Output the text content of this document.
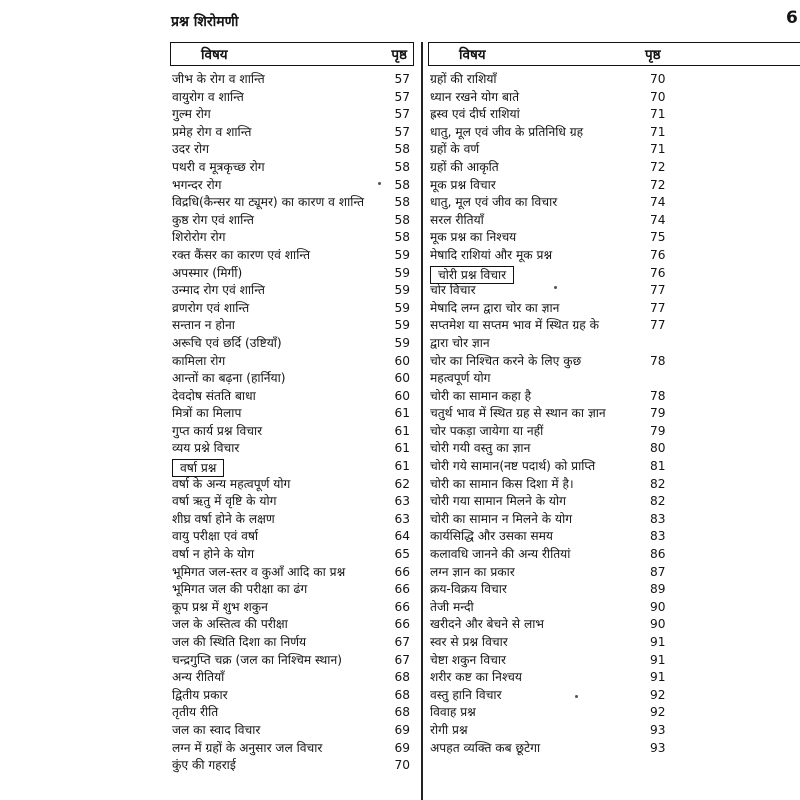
प्रश्न शिरोमणी	6
विषय	पृष्ठ
जीभ के रोग व शान्ति	57
वायुरोग व शान्ति	57
गुल्म रोग	57
प्रमेह रोग व शान्ति	57
उदर रोग	58
पथरी व मूत्रकृच्छ रोग	58
भगन्दर रोग	58
विद्रधि(कैन्सर या ट्यूमर) का कारण व शान्ति 58
कुष्ठ रोग एवं शान्ति	58
शिरोरोग रोग	58
रक्त कैंसर का कारण एवं शान्ति	59
अपस्मार (मिर्गी)	59
उन्माद रोग एवं शान्ति	59
व्रणरोग एवं शान्ति	59
सन्तान न होना	59
अरूचि एवं छर्दि (उष्टियाँ)	59
कामिला रोग	60
आन्तों का बढ़ना (हार्निया)	60
देवदोष संतति बाधा	60
मित्रों का मिलाप	61
गुप्त कार्य प्रश्न विचार	61
व्यय प्रश्ने विचार	61
वर्षा प्रश्न	61
वर्षा के अन्य महत्वपूर्ण योग	62
वर्षा ऋतु में वृष्टि के योग	63
शीघ्र वर्षा होने के लक्षण	63
वायु परीक्षा एवं वर्षा	64
वर्षा न होने के योग	65
भूमिगत जल-स्तर व कुआँ आदि का प्रश्न	66
भूमिगत जल की परीक्षा का ढंग	66
कूप प्रश्न में शुभ शकुन	66
जल के अस्तित्व की परीक्षा	66
जल की स्थिति दिशा का निर्णय	67
चन्द्रगुप्ति चक्र (जल का निश्चिम स्थान)	67
अन्य रीतियाँ	68
द्वितीय प्रकार	68
तृतीय रीति	68
जल का स्वाद विचार	69
लग्न में ग्रहों के अनुसार जल विचार	69
कुंए की गहराई	70
विषय	पृष्ठ
ग्रहों की राशियाँ	70
ध्यान रखने योग बाते	70
ह्रस्व एवं दीर्घ राशियां	71
धातु, मूल एवं जीव के प्रतिनिधि ग्रह	71
ग्रहों के वर्ण	71
ग्रहों की आकृति	72
मूक प्रश्न विचार	72
धातु, मूल एवं जीव का विचार	74
सरल रीतियाँ	74
मूक प्रश्न का निश्चय	75
मेषादि राशियां और मूक प्रश्न	76
चोरी प्रश्न विचार	76
चोर विचार	77
मेषादि लग्न द्वारा चोर का ज्ञान	77
सप्तमेश या सप्तम भाव में स्थित ग्रह के	77
द्वारा चोर ज्ञान
चोर का निश्चित करने के लिए कुछ	78
महत्वपूर्ण योग
चोरी का सामान कहा है	78
चतुर्थ भाव में स्थित ग्रह से स्थान का ज्ञान	79
चोर पकड़ा जायेगा या नहीं	79
चोरी गयी वस्तु का ज्ञान	80
चोरी गये सामान(नष्ट पदार्थ) को प्राप्ति	81
चोरी का सामान किस दिशा में है।	82
चोरी गया सामान मिलने के योग	82
चोरी का सामान न मिलने के योग	83
कार्यसिद्धि और उसका समय	83
कलावधि जानने की अन्य रीतियां	86
लग्न ज्ञान का प्रकार	87
क्रय-विक्रय विचार	89
तेजी मन्दी	90
खरीदने और बेचने से लाभ	90
स्वर से प्रश्न विचार	91
चेष्टा शकुन विचार	91
शरीर कष्ट का निश्चय	91
वस्तु हानि विचार	92
विवाह प्रश्न	92
रोगी प्रश्न	93
अपहत व्यक्ति कब छूटेगा	93
